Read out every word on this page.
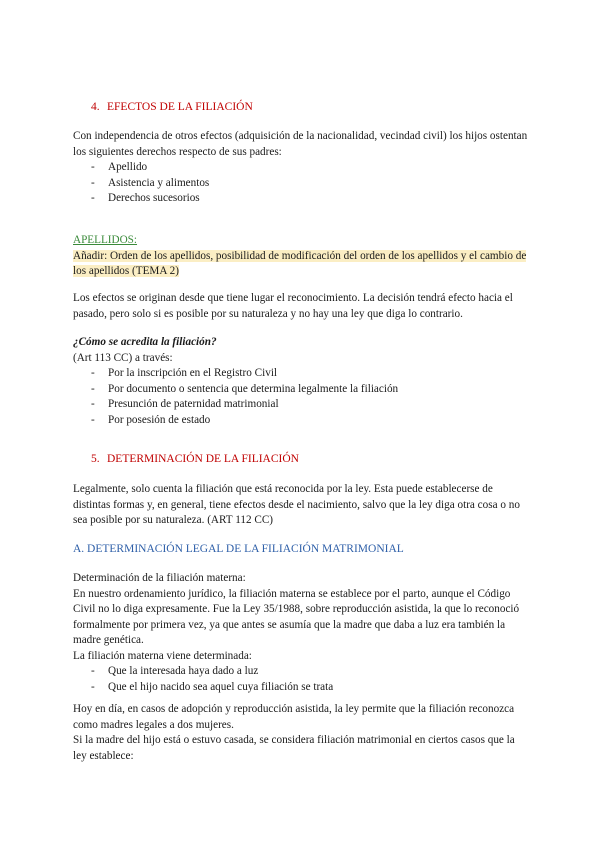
4. EFECTOS DE LA FILIACIÓN

Con independencia de otros efectos (adquisición de la nacionalidad, vecindad civil) los hijos ostentan los siguientes derechos respecto de sus padres:

- Apellido
- Asistencia y alimentos
- Derechos sucesorios

APELLIDOS:

Añadir: Orden de los apellidos, posibilidad de modificación del orden de los apellidos y el cambio de los apellidos (TEMA 2)

Los efectos se originan desde que tiene lugar el reconocimiento. La decisión tendrá efecto hacia el pasado, pero solo si es posible por su naturaleza y no hay una ley que diga lo contrario.

¿Cómo se acredita la filiación?

(Art 113 CC) a través:

- Por la inscripción en el Registro Civil
- Por documento o sentencia que determina legalmente la filiación
- Presunción de paternidad matrimonial
- Por posesión de estado
5. DETERMINACIÓN DE LA FILIACIÓN

Legalmente, solo cuenta la filiación que está reconocida por la ley. Esta puede establecerse de distintas formas y, en general, tiene efectos desde el nacimiento, salvo que la ley diga otra cosa o no sea posible por su naturaleza. (ART 112 CC)

A. DETERMINACIÓN LEGAL DE LA FILIACIÓN MATRIMONIAL

Determinación de la filiación materna:

En nuestro ordenamiento jurídico, la filiación materna se establece por el parto, aunque el Código Civil no lo diga expresamente. Fue la Ley 35/1988, sobre reproducción asistida, la que lo reconoció formalmente por primera vez, ya que antes se asumía que la madre que daba a luz era también la madre genética.

La filiación materna viene determinada:

- Que la interesada haya dado a luz
- Que el hijo nacido sea aquel cuya filiación se trata

Hoy en día, en casos de adopción y reproducción asistida, la ley permite que la filiación reconozca como madres legales a dos mujeres.

Si la madre del hijo está o estuvo casada, se considera filiación matrimonial en ciertos casos que la ley establece:
